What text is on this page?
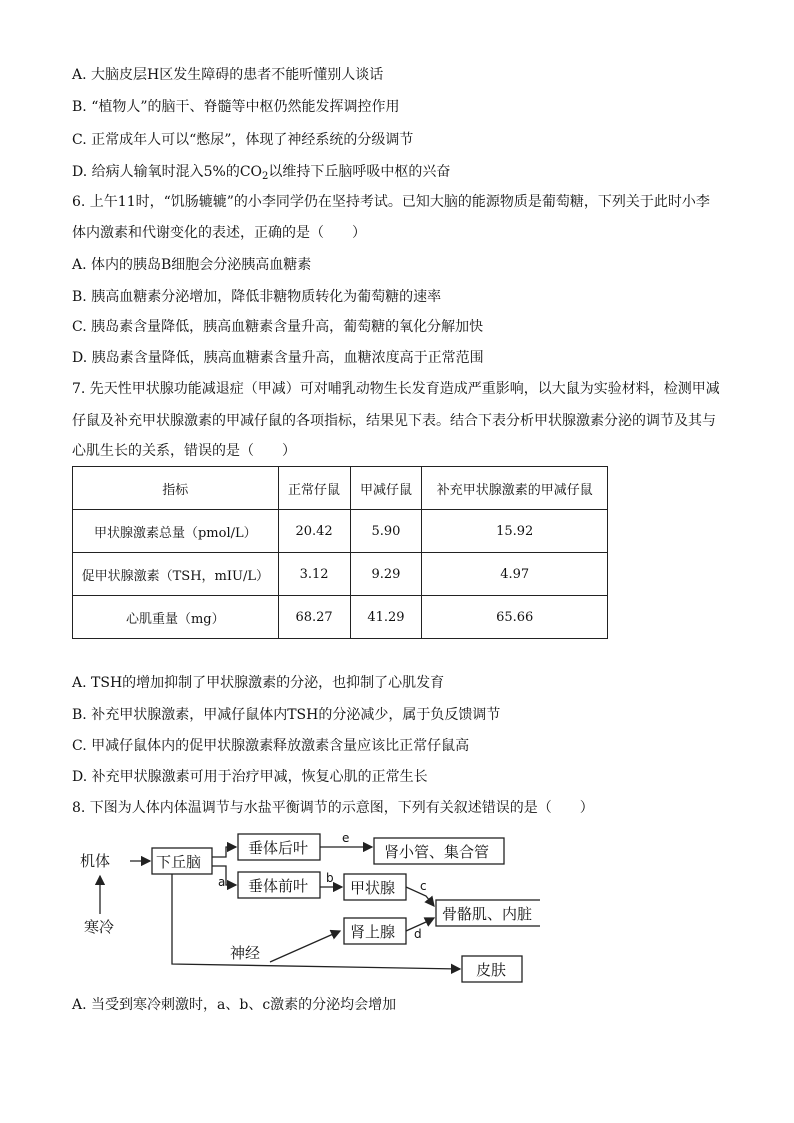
A. 大脑皮层H区发生障碍的患者不能听懂别人谈话
B. “植物人”的脑干、脊髓等中枢仍然能发挥调控作用
C. 正常成年人可以“憋尿”，体现了神经系统的分级调节
D. 给病人输氧时混入5%的$CO_2$以维持下丘脑呼吸中枢的兴奋
6. 上午11时，“饥肠辘辘”的小李同学仍在坚持考试。已知大脑的能源物质是葡萄糖，下列关于此时小李
体内激素和代谢变化的表述，正确的是（　　）
A. 体内的胰岛B细胞会分泌胰高血糖素
B. 胰高血糖素分泌增加，降低非糖物质转化为葡萄糖的速率
C. 胰岛素含量降低，胰高血糖素含量升高，葡萄糖的氧化分解加快
D. 胰岛素含量降低，胰高血糖素含量升高，血糖浓度高于正常范围
7. 先天性甲状腺功能减退症（甲减）可对哺乳动物生长发育造成严重影响，以大鼠为实验材料，检测甲减
仔鼠及补充甲状腺激素的甲减仔鼠的各项指标，结果见下表。结合下表分析甲状腺激素分泌的调节及其与
心肌生长的关系，错误的是（　　）
指标	正常仔鼠	甲减仔鼠	补充甲状腺激素的甲减仔鼠
甲状腺激素总量（pmol/L）	20.42	5.90	15.92
促甲状腺激素（TSH，mIU/L）	3.12	9.29	4.97
心肌重量（mg）	68.27	41.29	65.66
A. TSH的增加抑制了甲状腺激素的分泌，也抑制了心肌发育
B. 补充甲状腺激素，甲减仔鼠体内TSH的分泌减少，属于负反馈调节
C. 甲减仔鼠体内的促甲状腺激素释放激素含量应该比正常仔鼠高
D. 补充甲状腺激素可用于治疗甲减，恢复心肌的正常生长
8. 下图为人体内体温调节与水盐平衡调节的示意图，下列有关叙述错误的是（　　）
机体
寒冷
下丘脑
垂体后叶
垂体前叶
肾小管、集合管
甲状腺
肾上腺
骨骼肌、内脏
皮肤
神经
a	b
c
d
e
A. 当受到寒冷刺激时，a、b、c激素的分泌均会增加
